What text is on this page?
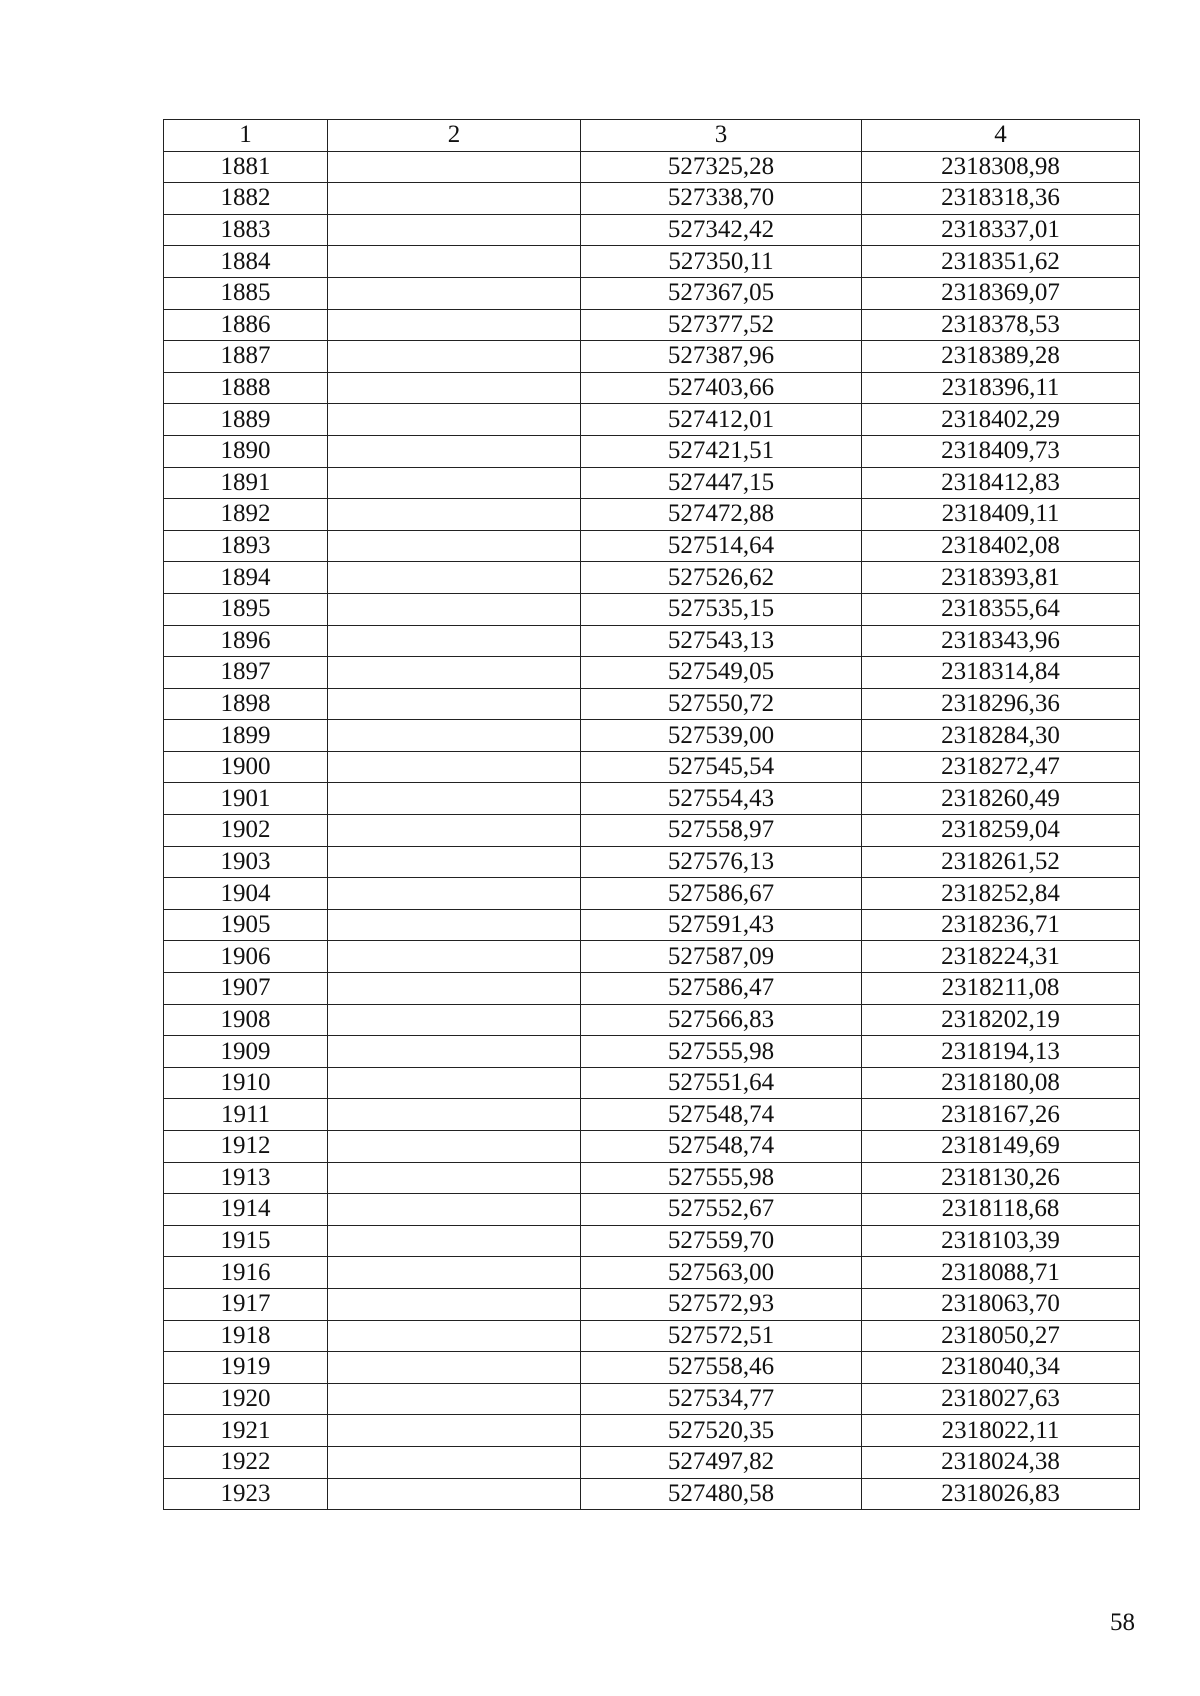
1	2	3	4
1881		527325,28	2318308,98
1882		527338,70	2318318,36
1883		527342,42	2318337,01
1884		527350,11	2318351,62
1885		527367,05	2318369,07
1886		527377,52	2318378,53
1887		527387,96	2318389,28
1888		527403,66	2318396,11
1889		527412,01	2318402,29
1890		527421,51	2318409,73
1891		527447,15	2318412,83
1892		527472,88	2318409,11
1893		527514,64	2318402,08
1894		527526,62	2318393,81
1895		527535,15	2318355,64
1896		527543,13	2318343,96
1897		527549,05	2318314,84
1898		527550,72	2318296,36
1899		527539,00	2318284,30
1900		527545,54	2318272,47
1901		527554,43	2318260,49
1902		527558,97	2318259,04
1903		527576,13	2318261,52
1904		527586,67	2318252,84
1905		527591,43	2318236,71
1906		527587,09	2318224,31
1907		527586,47	2318211,08
1908		527566,83	2318202,19
1909		527555,98	2318194,13
1910		527551,64	2318180,08
1911		527548,74	2318167,26
1912		527548,74	2318149,69
1913		527555,98	2318130,26
1914		527552,67	2318118,68
1915		527559,70	2318103,39
1916		527563,00	2318088,71
1917		527572,93	2318063,70
1918		527572,51	2318050,27
1919		527558,46	2318040,34
1920		527534,77	2318027,63
1921		527520,35	2318022,11
1922		527497,82	2318024,38
1923		527480,58	2318026,83
58
